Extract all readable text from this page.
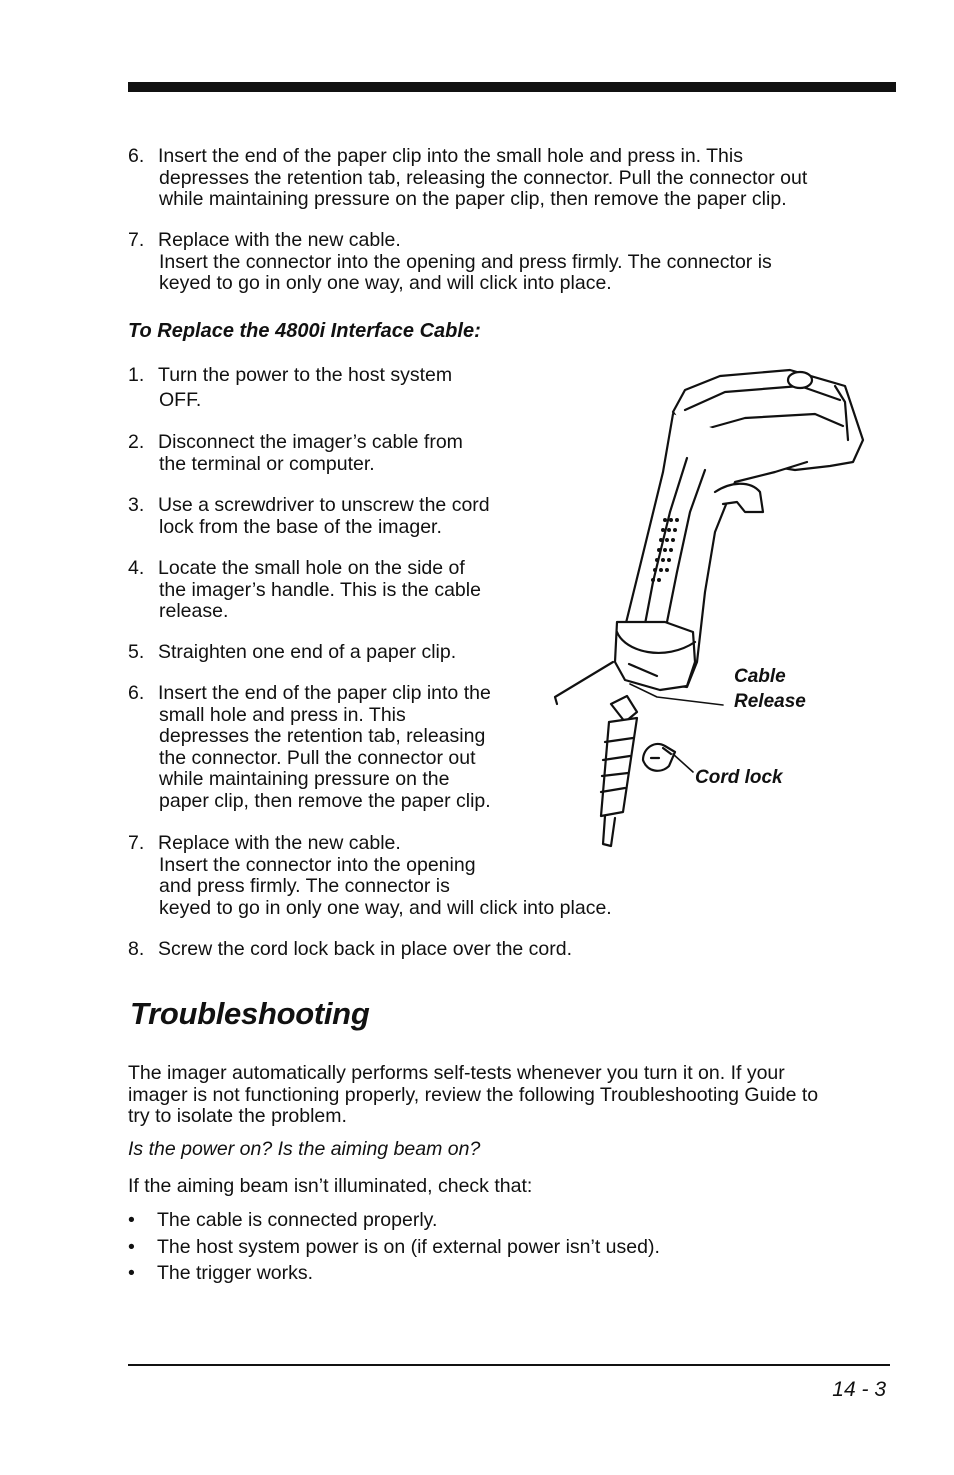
6. Insert the end of the paper clip into the small hole and press in. This
depresses the retention tab, releasing the connector. Pull the connector out
while maintaining pressure on the paper clip, then remove the paper clip.
7. Replace with the new cable.
Insert the connector into the opening and press firmly. The connector is
keyed to go in only one way, and will click into place.
To Replace the 4800i Interface Cable:
1. Turn the power to the host system
OFF.
2. Disconnect the imager’s cable from
the terminal or computer.
3. Use a screwdriver to unscrew the cord
lock from the base of the imager.
4. Locate the small hole on the side of
the imager’s handle. This is the cable
release.
5. Straighten one end of a paper clip.
6. Insert the end of the paper clip into the
small hole and press in. This
depresses the retention tab, releasing
the connector. Pull the connector out
while maintaining pressure on the
paper clip, then remove the paper clip.
7. Replace with the new cable.
Insert the connector into the opening
and press firmly. The connector is
keyed to go in only one way, and will click into place.
8. Screw the cord lock back in place over the cord.
Cable
Release
Cord lock
Troubleshooting
The imager automatically performs self-tests whenever you turn it on. If your
imager is not functioning properly, review the following Troubleshooting Guide to
try to isolate the problem.
Is the power on? Is the aiming beam on?
If the aiming beam isn’t illuminated, check that:
• The cable is connected properly.
• The host system power is on (if external power isn’t used).
• The trigger works.
14 - 3
